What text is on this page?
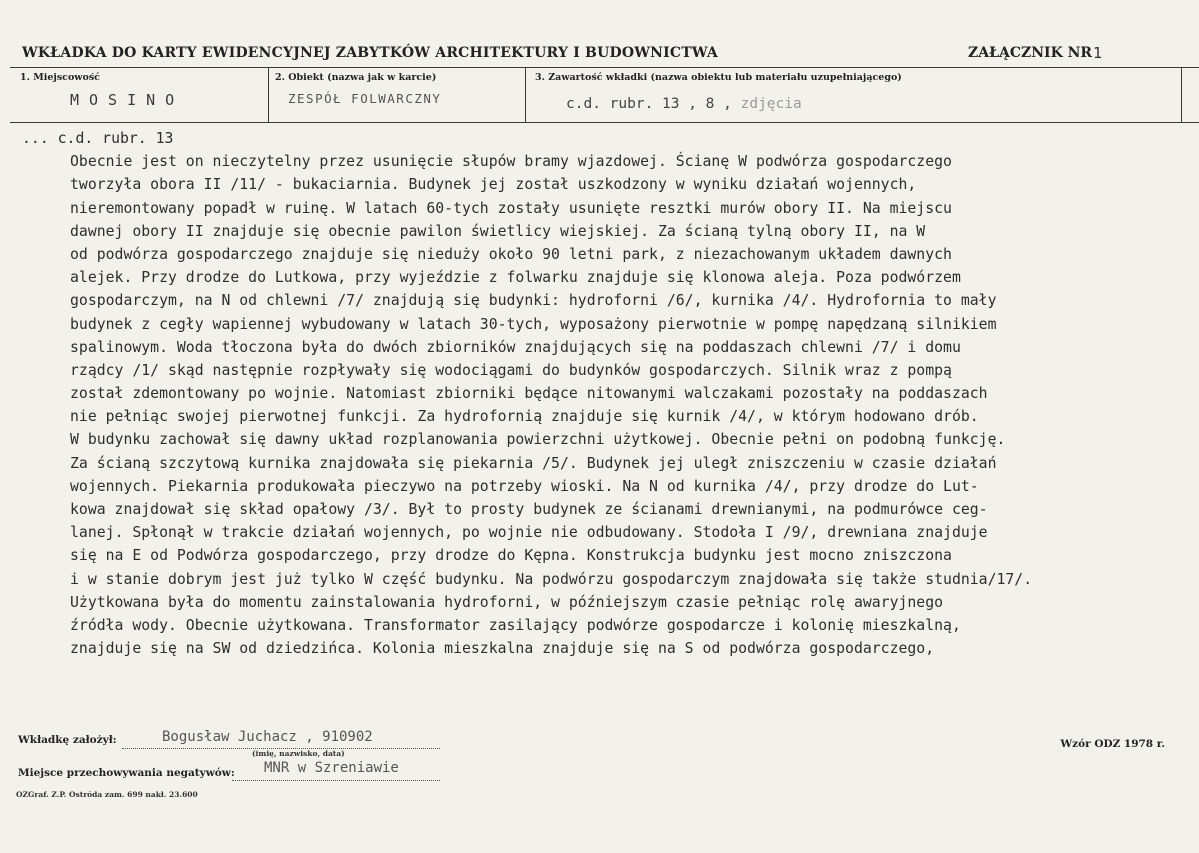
WKŁADKA DO KARTY EWIDENCYJNEJ ZABYTKÓW ARCHITEKTURY I BUDOWNICTWA	ZAŁĄCZNIK NR 1
1. Miejscowość
MOSINO
2. Obiekt (nazwa jak w karcie)
ZESPÓŁ FOLWARCZNY
3. Zawartość wkładki (nazwa obiektu lub materiału uzupełniającego)
c.d. rubr. 13 , 8 , zdjęcia
... c.d. rubr. 13
Obecnie jest on nieczytelny przez usunięcie słupów bramy wjazdowej. Ścianę W podwórza gospodarczego
tworzyła obora II /11/ - bukaciarnia. Budynek jej został uszkodzony w wyniku działań wojennych,
nieremontowany popadł w ruinę. W latach 60-tych zostały usunięte resztki murów obory II. Na miejscu
dawnej obory II znajduje się obecnie pawilon świetlicy wiejskiej. Za ścianą tylną obory II, na W
od podwórza gospodarczego znajduje się nieduży około 90 letni park, z niezachowanym układem dawnych
alejek. Przy drodze do Lutkowa, przy wyjeździe z folwarku znajduje się klonowa aleja. Poza podwórzem
gospodarczym, na N od chlewni /7/ znajdują się budynki: hydroforni /6/, kurnika /4/. Hydrofornia to mały
budynek z cegły wapiennej wybudowany w latach 30-tych, wyposażony pierwotnie w pompę napędzaną silnikiem
spalinowym. Woda tłoczona była do dwóch zbiorników znajdujących się na poddaszach chlewni /7/ i domu
rządcy /1/ skąd następnie rozpływały się wodociągami do budynków gospodarczych. Silnik wraz z pompą
został zdemontowany po wojnie. Natomiast zbiorniki będące nitowanymi walczakami pozostały na poddaszach
nie pełniąc swojej pierwotnej funkcji. Za hydrofornią znajduje się kurnik /4/, w którym hodowano drób.
W budynku zachował się dawny układ rozplanowania powierzchni użytkowej. Obecnie pełni on podobną funkcję.
Za ścianą szczytową kurnika znajdowała się piekarnia /5/. Budynek jej uległ zniszczeniu w czasie działań
wojennych. Piekarnia produkowała pieczywo na potrzeby wioski. Na N od kurnika /4/, przy drodze do Lut-
kowa znajdował się skład opałowy /3/. Był to prosty budynek ze ścianami drewnianymi, na podmurówce ceg-
lanej. Spłonął w trakcie działań wojennych, po wojnie nie odbudowany. Stodoła I /9/, drewniana znajduje
się na E od Podwórza gospodarczego, przy drodze do Kępna. Konstrukcja budynku jest mocno zniszczona
i w stanie dobrym jest już tylko W część budynku. Na podwórzu gospodarczym znajdowała się także studnia/17/.
Użytkowana była do momentu zainstalowania hydroforni, w późniejszym czasie pełniąc rolę awaryjnego
źródła wody. Obecnie użytkowana. Transformator zasilający podwórze gospodarcze i kolonię mieszkalną,
znajduje się na SW od dziedzińca. Kolonia mieszkalna znajduje się na S od podwórza gospodarczego,
Wkładkę założył:	Bogusław Juchacz , 910902
(imię, nazwisko, data)
Miejsce przechowywania negatywów: MNR w Szreniawie
Wzór ODZ 1978 r.
OZGraf. Z.P. Ostróda zam. 699 nakł. 23.600
